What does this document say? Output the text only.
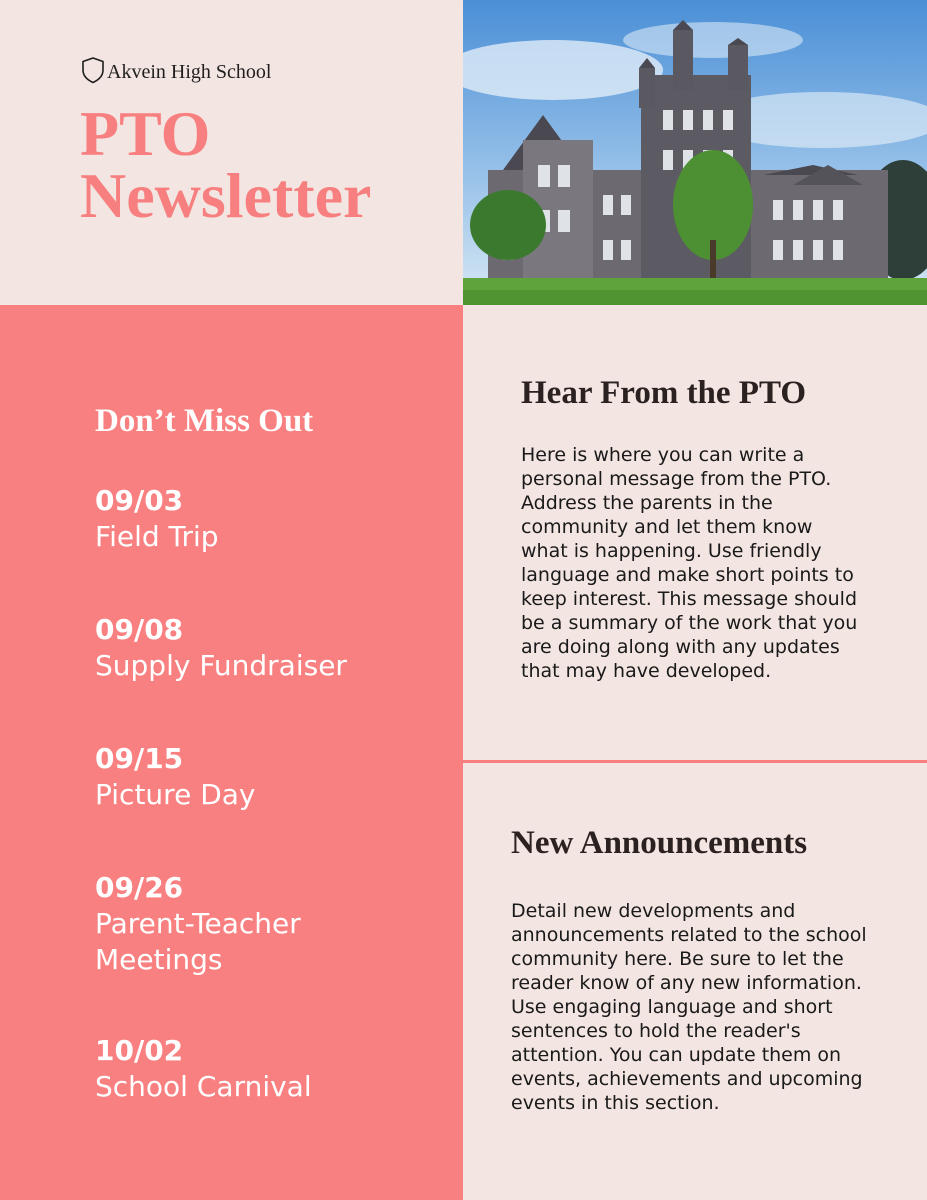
Akvein High School
PTO
Newsletter
Don’t Miss Out
09/03
Field Trip
09/08
Supply Fundraiser
09/15
Picture Day
09/26
Parent-Teacher Meetings
10/02
School Carnival
Hear From the PTO
Here is where you can write a personal message from the PTO. Address the parents in the community and let them know what is happening. Use friendly language and make short points to keep interest. This message should be a summary of the work that you are doing along with any updates that may have developed.
New Announcements
Detail new developments and announcements related to the school community here. Be sure to let the reader know of any new information. Use engaging language and short sentences to hold the reader's attention. You can update them on events, achievements and upcoming events in this section.
